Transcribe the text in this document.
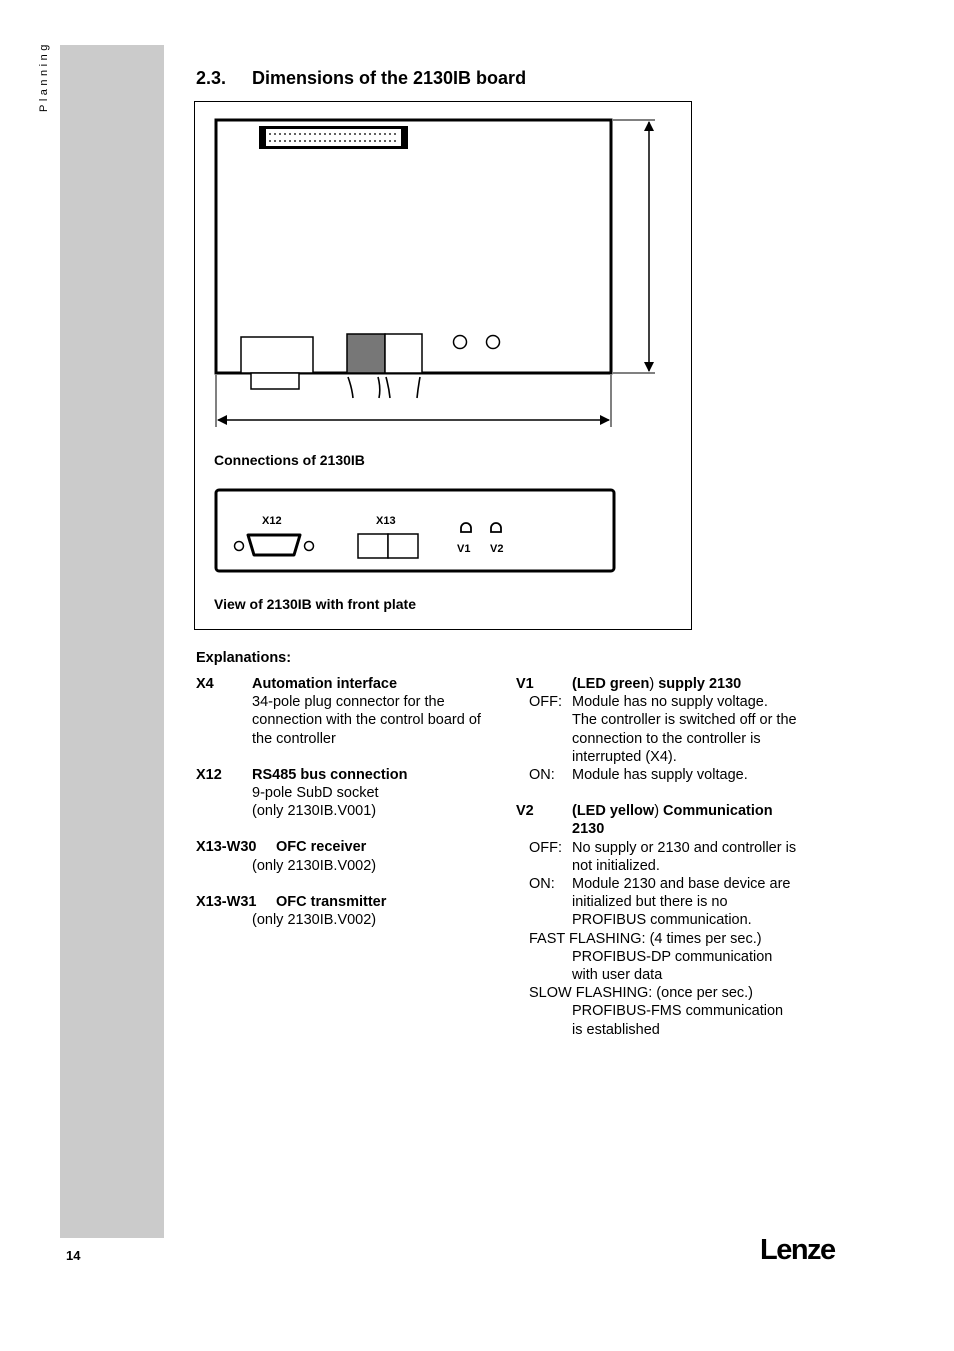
Planning	2.3. Dimensions of the 2130IB board
Connections of 2130IB
X12	X13
V1 V2
View of 2130IB with front plate
Explanations:
X4	Automation interface
34-pole plug connector for the
connection with the control board of
the controller
X12 RS485 bus connection
9-pole SubD socket
(only 2130IB.V001)
X13-W30 OFC receiver
(only 2130IB.V002)
X13-W31 OFC transmitter
(only 2130IB.V002)
V1	(LED green) supply 2130
OFF: Module has no supply voltage.
The controller is switched off or the
connection to the controller is
interrupted (X4).
ON: Module has supply voltage.
V2	(LED yellow) Communication
2130
OFF: No supply or 2130 and controller is
not initialized.
ON: Module 2130 and base device are
initialized but there is no
PROFIBUS communication.
FAST FLASHING: (4 times per sec.)
PROFIBUS-DP communication
with user data
SLOW FLASHING: (once per sec.)
PROFIBUS-FMS communication
is established
14	Lenze
